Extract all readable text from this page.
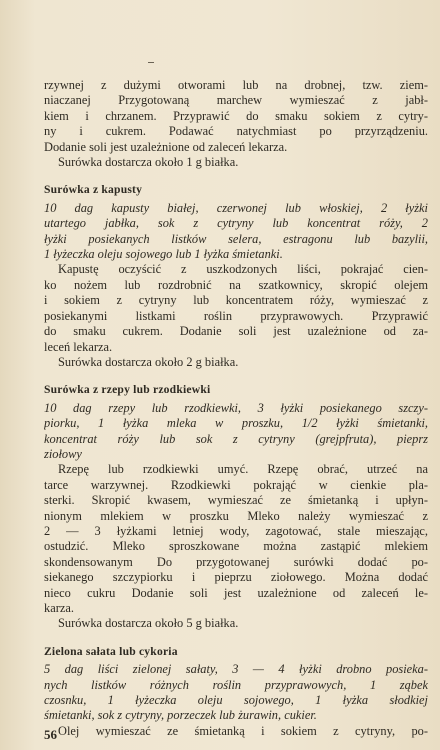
rzywnej z dużymi otworami lub na drobnej, tzw. ziem-
niaczanej Przygotowaną marchew wymieszać z jabł-
kiem i chrzanem. Przyprawić do smaku sokiem z cytry-
ny i cukrem. Podawać natychmiast po przyrządzeniu.
Dodanie soli jest uzależnione od zaleceń lekarza.
Surówka dostarcza około 1 g białka.
Surówka z kapusty
10 dag kapusty białej, czerwonej lub włoskiej, 2 łyżki
utartego jabłka, sok z cytryny lub koncentrat róży, 2
łyżki posiekanych listków selera, estragonu lub bazylii,
1 łyżeczka oleju sojowego lub 1 łyżka śmietanki.
Kapustę oczyścić z uszkodzonych liści, pokrajać cien-
ko nożem lub rozdrobnić na szatkownicy, skropić olejem
i sokiem z cytryny lub koncentratem róży, wymieszać z
posiekanymi listkami roślin przyprawowych. Przyprawić
do smaku cukrem. Dodanie soli jest uzależnione od za-
leceń lekarza.
Surówka dostarcza około 2 g białka.
Surówka z rzepy lub rzodkiewki
10 dag rzepy lub rzodkiewki, 3 łyżki posiekanego szczy-
piorku, 1 łyżka mleka w proszku, 1/2 łyżki śmietanki,
koncentrat róży lub sok z cytryny (grejpfruta), pieprz
ziołowy
Rzepę lub rzodkiewki umyć. Rzepę obrać, utrzeć na
tarce warzywnej. Rzodkiewki pokrająć w cienkie pla-
sterki. Skropić kwasem, wymieszać ze śmietanką i upłyn-
nionym mlekiem w proszku Mleko należy wymieszać z
2 — 3 łyżkami letniej wody, zagotować, stale mieszając,
ostudzić. Mleko sproszkowane można zastąpić mlekiem
skondensowanym Do przygotowanej surówki dodać po-
siekanego szczypiorku i pieprzu ziołowego. Można dodać
nieco cukru Dodanie soli jest uzależnione od zaleceń le-
karza.
Surówka dostarcza około 5 g białka.
Zielona sałata lub cykoria
5 dag liści zielonej sałaty, 3 — 4 łyżki drobno posieka-
nych listków różnych roślin przyprawowych, 1 ząbek
czosnku, 1 łyżeczka oleju sojowego, 1 łyżka słodkiej
śmietanki, sok z cytryny, porzeczek lub żurawin, cukier.
Olej wymieszać ze śmietanką i sokiem z cytryny, po-
56
